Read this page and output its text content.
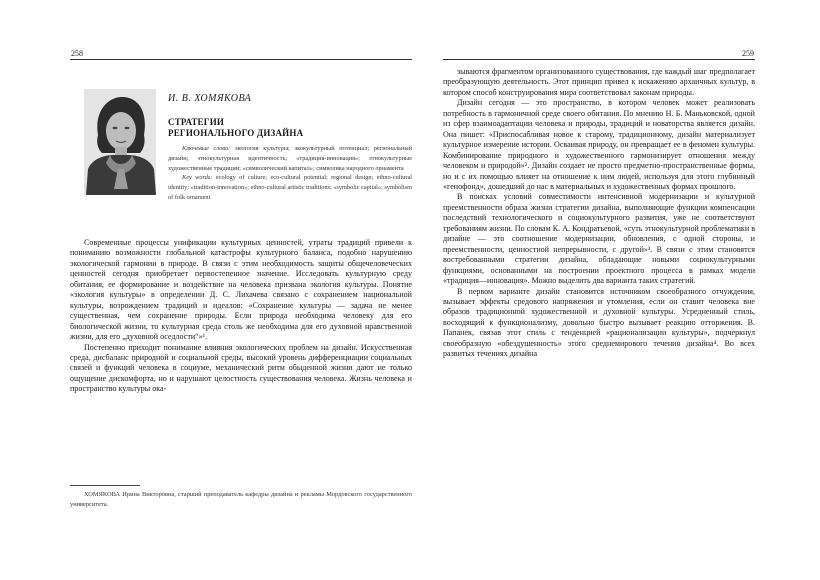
258	259
И. В. ХОМЯКОВА
СТРАТЕГИИ
РЕГИОНАЛЬНОГО ДИЗАЙНА
Ключевые слова: экология культуры; экокультурный потенциал; региональный дизайн; этнокультурная идентичность; «традиция-инновация»; этнокультурные художественные традиции; «символический капитал»; символика народного орнамента
Key words: ecology of culture; eco-cultural potential; regional design; ethno-cultural identity; «tradition-innovation»; ethno-cultural artistic traditions; «symbolic capital»; symbolism of folk ornament

Современные процессы унификации культурных ценностей, утраты традиций привели к пониманию возможности глобальной катастрофы культурного баланса, подобно нарушению экологической гармонии в природе. В связи с этим необходимость защиты общечеловеческих ценностей сегодня приобретает первостепенное значение. Исследовать культурную среду обитания, ее формирование и воздействие на человека призвана экология культуры. Понятие «экология культуры» в определении Д. С. Лихачева связано с сохранением национальной культуры, возрождением традиций и идеалов: «Сохранение культуры — задача не менее существенная, чем сохранение природы. Если природа необходима человеку для его биологической жизни, то культурная среда столь же необходима для его духовной нравственной жизни, для его „духовной оседлости“»¹.

Постепенно приходит понимание влияния экологических проблем на дизайн. Искусственная среда, дисбаланс природной и социальной среды, высокий уровень дифференциации социальных связей и функций человека в социуме, механический ритм обыденной жизни дают не только ощущение дискомфорта, но и нарушают целостность существования человека. Жизнь человека и пространство культуры ока-

ХОМЯКОВА Ирина Викторовна, старший преподаватель кафедры дизайна и рекламы Мордовского государственного университета.

зываются фрагментом организованного существования, где каждый шаг предполагает преобразующую деятельность. Этот принцип привел к искажению архаичных культур, в котором способ конструирования мира соответствовал законам природы.

Дизайн сегодня — это пространство, в котором человек может реализовать потребность в гармоничной среде своего обитания. По мнению Н. Б. Маньковской, одной из сфер взаимоадаптации человека и природы, традиций и новаторства является дизайн. Она пишет: «Приспосабливая новое к старому, традиционному, дизайн материализует культурное измерение истории. Осваивая природу, он превращает ее в феномен культуры. Комбинирование природного и художественного гармонизирует отношения между человеком и природой»². Дизайн создает не просто предметно-пространственные формы, но и с их помощью влияет на отношение к ним людей, используя для этого глубинный «генофонд», дошедший до нас в материальных и художественных формах прошлого.

В поисках условий совместимости интенсивной модернизации и культурной преемственности образа жизни стратегии дизайна, выполняющие функции компенсации последствий технологического и социокультурного развития, уже не соответствуют требованиям жизни. По словам К. А. Кондратьевой, «суть этнокультурной проблематики в дизайне — это соотношение модернизации, обновления, с одной стороны, и преемственности, ценностной непрерывности, с другой»³. В связи с этим становятся востребованными стратегии дизайна, обладающие новыми социокультурными функциями, основанными на построении проектного процесса в рамках модели «традиция—инновация». Можно выделить два варианта таких стратегий.

В первом варианте дизайн становится источником своеобразного отчуждения, вызывает эффекты средового напряжения и утомления, если он ставит человека вне образов традиционной художественной и духовной культуры. Усредненный стиль, восходящий к функционализму, довольно быстро вызывает реакцию отторжения. В. Папанек, связав этот стиль с тенденцией «рационализации культуры», подчеркнул своеобразную «обездушенность» этого среднемирового течения дизайна⁴. Во всех развитых течениях дизайна
